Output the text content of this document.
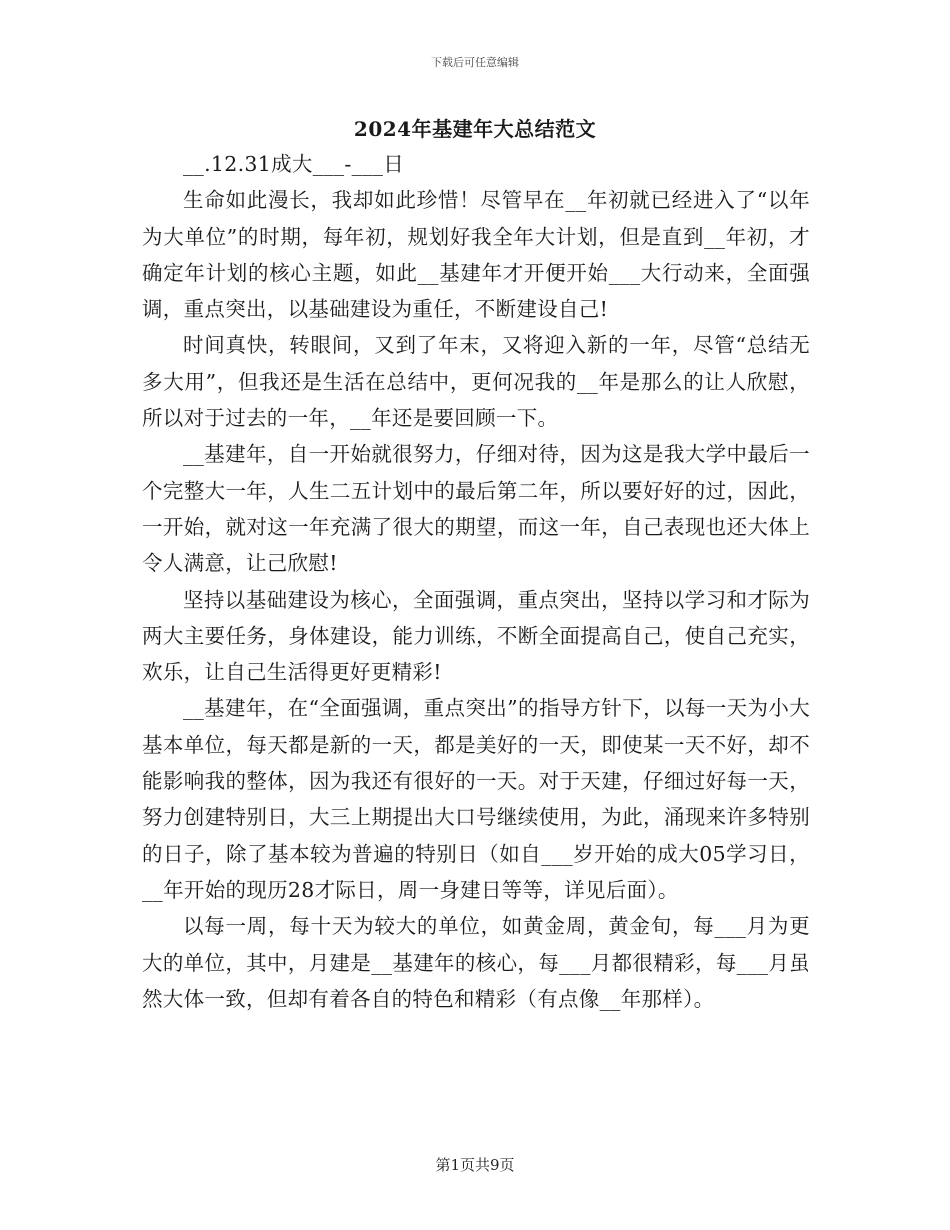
下载后可任意编辑
2024年基建年大总结范文

__.12.31成大___-___日

生命如此漫长，我却如此珍惜！尽管早在__年初就已经进入了“以年为大单位”的时期，每年初，规划好我全年大计划，但是直到__年初，才确定年计划的核心主题，如此__基建年才开便开始___大行动来，全面强调，重点突出，以基础建设为重任，不断建设自己!

时间真快，转眼间，又到了年末，又将迎入新的一年，尽管“总结无多大用”，但我还是生活在总结中，更何况我的__年是那么的让人欣慰，所以对于过去的一年，__年还是要回顾一下。

__基建年，自一开始就很努力，仔细对待，因为这是我大学中最后一个完整大一年，人生二五计划中的最后第二年，所以要好好的过，因此，一开始，就对这一年充满了很大的期望，而这一年，自己表现也还大体上令人满意，让己欣慰!

坚持以基础建设为核心，全面强调，重点突出，坚持以学习和才际为两大主要任务，身体建设，能力训练，不断全面提高自己，使自己充实，欢乐，让自己生活得更好更精彩!

__基建年，在“全面强调，重点突出”的指导方针下，以每一天为小大基本单位，每天都是新的一天，都是美好的一天，即使某一天不好，却不能影响我的整体，因为我还有很好的一天。对于天建，仔细过好每一天，努力创建特别日，大三上期提出大口号继续使用，为此，涌现来许多特别的日子，除了基本较为普遍的特别日（如自___岁开始的成大05学习日，__年开始的现历28才际日，周一身建日等等，详见后面）。

以每一周，每十天为较大的单位，如黄金周，黄金旬，每___月为更大的单位，其中，月建是__基建年的核心，每___月都很精彩，每___月虽然大体一致，但却有着各自的特色和精彩（有点像__年那样）。

第1页共9页
